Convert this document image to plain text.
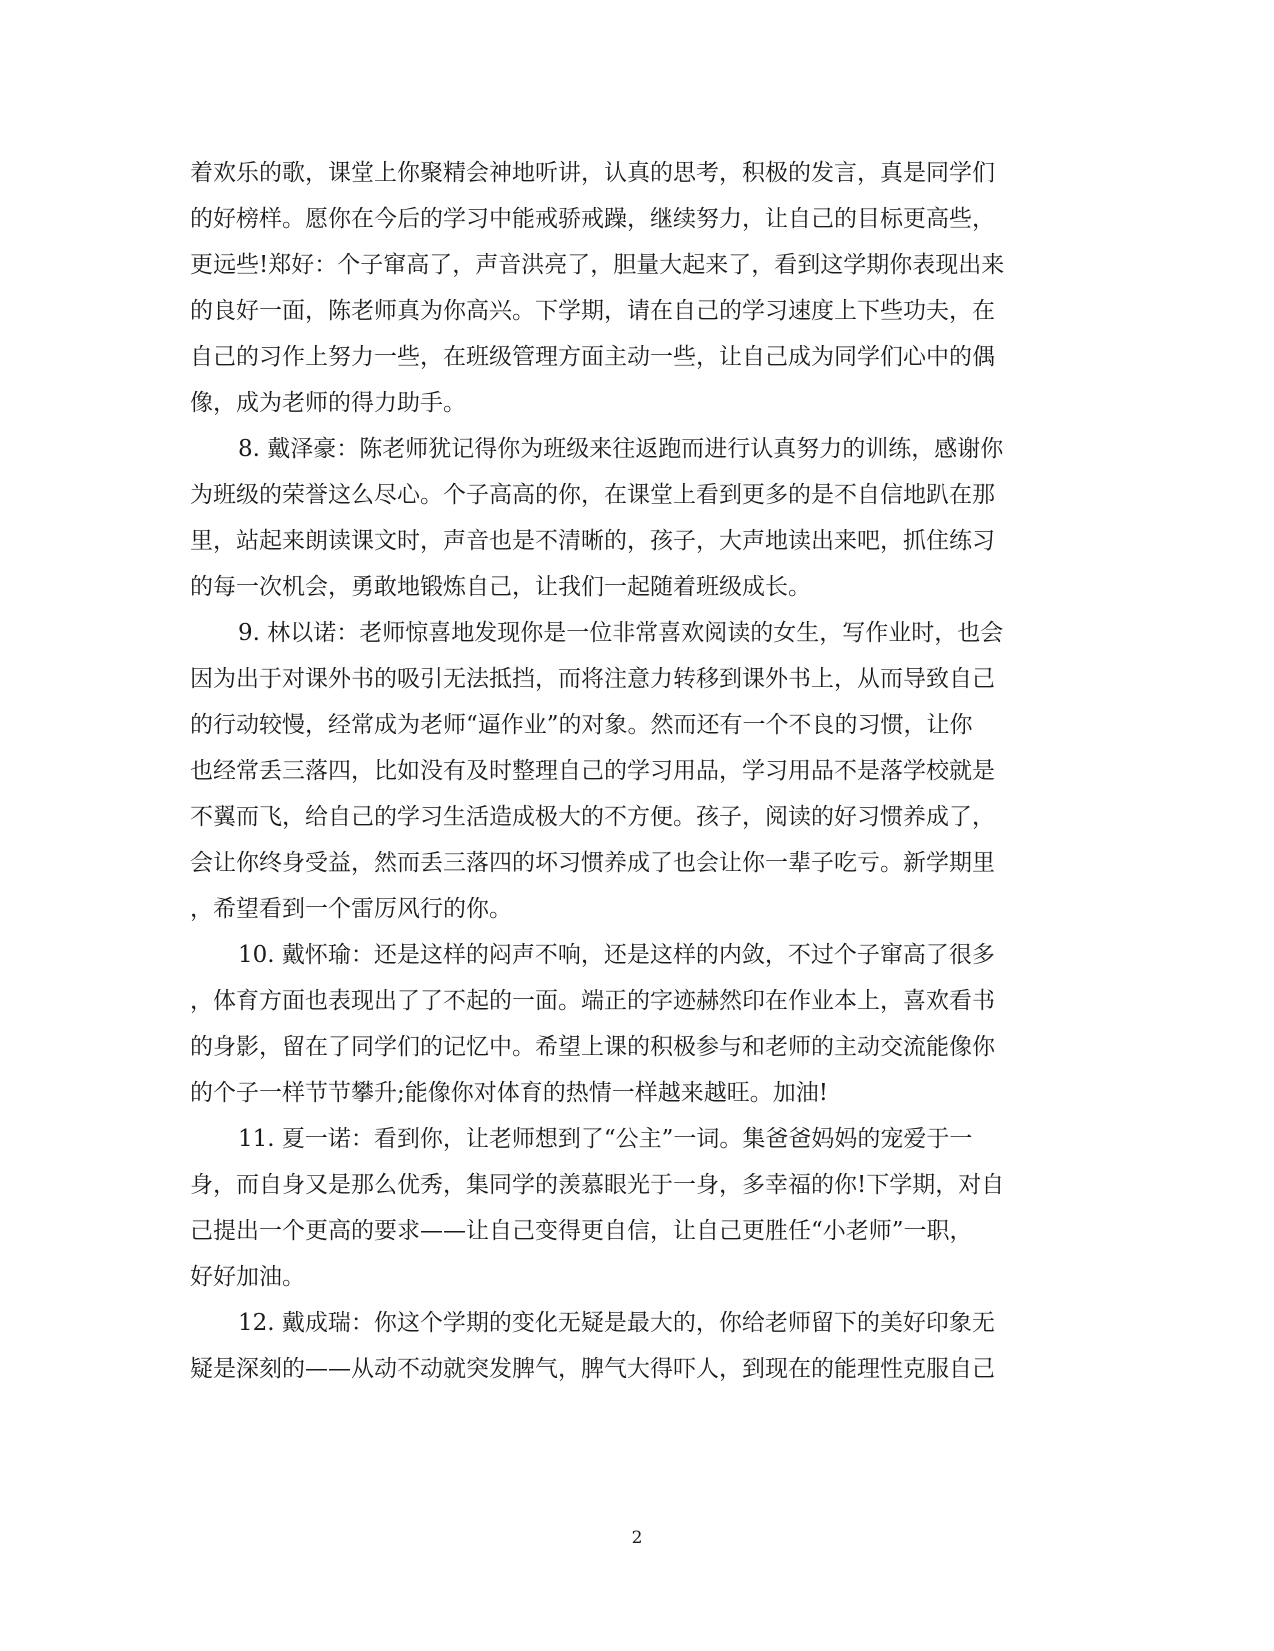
着欢乐的歌，课堂上你聚精会神地听讲，认真的思考，积极的发言，真是同学们
的好榜样。愿你在今后的学习中能戒骄戒躁，继续努力，让自己的目标更高些，
更远些!郑好：个子窜高了，声音洪亮了，胆量大起来了，看到这学期你表现出来
的良好一面，陈老师真为你高兴。下学期，请在自己的学习速度上下些功夫，在
自己的习作上努力一些，在班级管理方面主动一些，让自己成为同学们心中的偶
像，成为老师的得力助手。
8. 戴泽豪：陈老师犹记得你为班级来往返跑而进行认真努力的训练，感谢你
为班级的荣誉这么尽心。个子高高的你，在课堂上看到更多的是不自信地趴在那
里，站起来朗读课文时，声音也是不清晰的，孩子，大声地读出来吧，抓住练习
的每一次机会，勇敢地锻炼自己，让我们一起随着班级成长。
9. 林以诺：老师惊喜地发现你是一位非常喜欢阅读的女生，写作业时，也会
因为出于对课外书的吸引无法抵挡，而将注意力转移到课外书上，从而导致自己
的行动较慢，经常成为老师“逼作业”的对象。然而还有一个不良的习惯，让你
也经常丢三落四，比如没有及时整理自己的学习用品，学习用品不是落学校就是
不翼而飞，给自己的学习生活造成极大的不方便。孩子，阅读的好习惯养成了，
会让你终身受益，然而丢三落四的坏习惯养成了也会让你一辈子吃亏。新学期里
，希望看到一个雷厉风行的你。
10. 戴怀瑜：还是这样的闷声不响，还是这样的内敛，不过个子窜高了很多
，体育方面也表现出了了不起的一面。端正的字迹赫然印在作业本上，喜欢看书
的身影，留在了同学们的记忆中。希望上课的积极参与和老师的主动交流能像你
的个子一样节节攀升;能像你对体育的热情一样越来越旺。加油!
11. 夏一诺：看到你，让老师想到了“公主”一词。集爸爸妈妈的宠爱于一
身，而自身又是那么优秀，集同学的羡慕眼光于一身，多幸福的你!下学期，对自
己提出一个更高的要求——让自己变得更自信，让自己更胜任“小老师”一职，
好好加油。
12. 戴成瑞：你这个学期的变化无疑是最大的，你给老师留下的美好印象无
疑是深刻的——从动不动就突发脾气，脾气大得吓人，到现在的能理性克服自己
2
